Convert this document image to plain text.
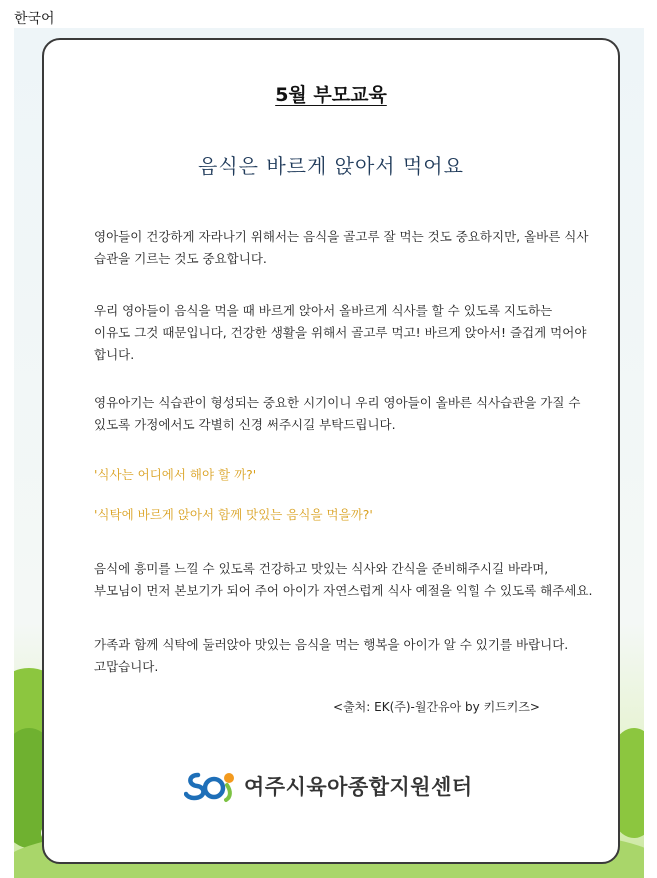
한국어
5월 부모교육
음식은 바르게 앉아서 먹어요

영아들이 건강하게 자라나기 위해서는 음식을 골고루 잘 먹는 것도 중요하지만, 올바른 식사

습관을 기르는 것도 중요합니다.

우리 영아들이 음식을 먹을 때 바르게 앉아서 올바르게 식사를 할 수 있도록 지도하는

이유도 그것 때문입니다, 건강한 생활을 위해서 골고루 먹고! 바르게 앉아서! 즐겁게 먹어야

합니다.

영유아기는 식습관이 형성되는 중요한 시기이니 우리 영아들이 올바른 식사습관을 가질 수

있도록 가정에서도 각별히 신경 써주시길 부탁드립니다.

'식사는 어디에서 해야 할 까?'
'식탁에 바르게 앉아서 함께 맛있는 음식을 먹을까?'

음식에 흥미를 느낄 수 있도록 건강하고 맛있는 식사와 간식을 준비해주시길 바라며,

부모님이 먼저 본보기가 되어 주어 아이가 자연스럽게 식사 예절을 익힐 수 있도록 해주세요.

가족과 함께 식탁에 둘러앉아 맛있는 음식을 먹는 행복을 아이가 알 수 있기를 바랍니다.

고맙습니다.

<출처: EK(주)-월간유아 by 키드키즈>
여주시육아종합지원센터
